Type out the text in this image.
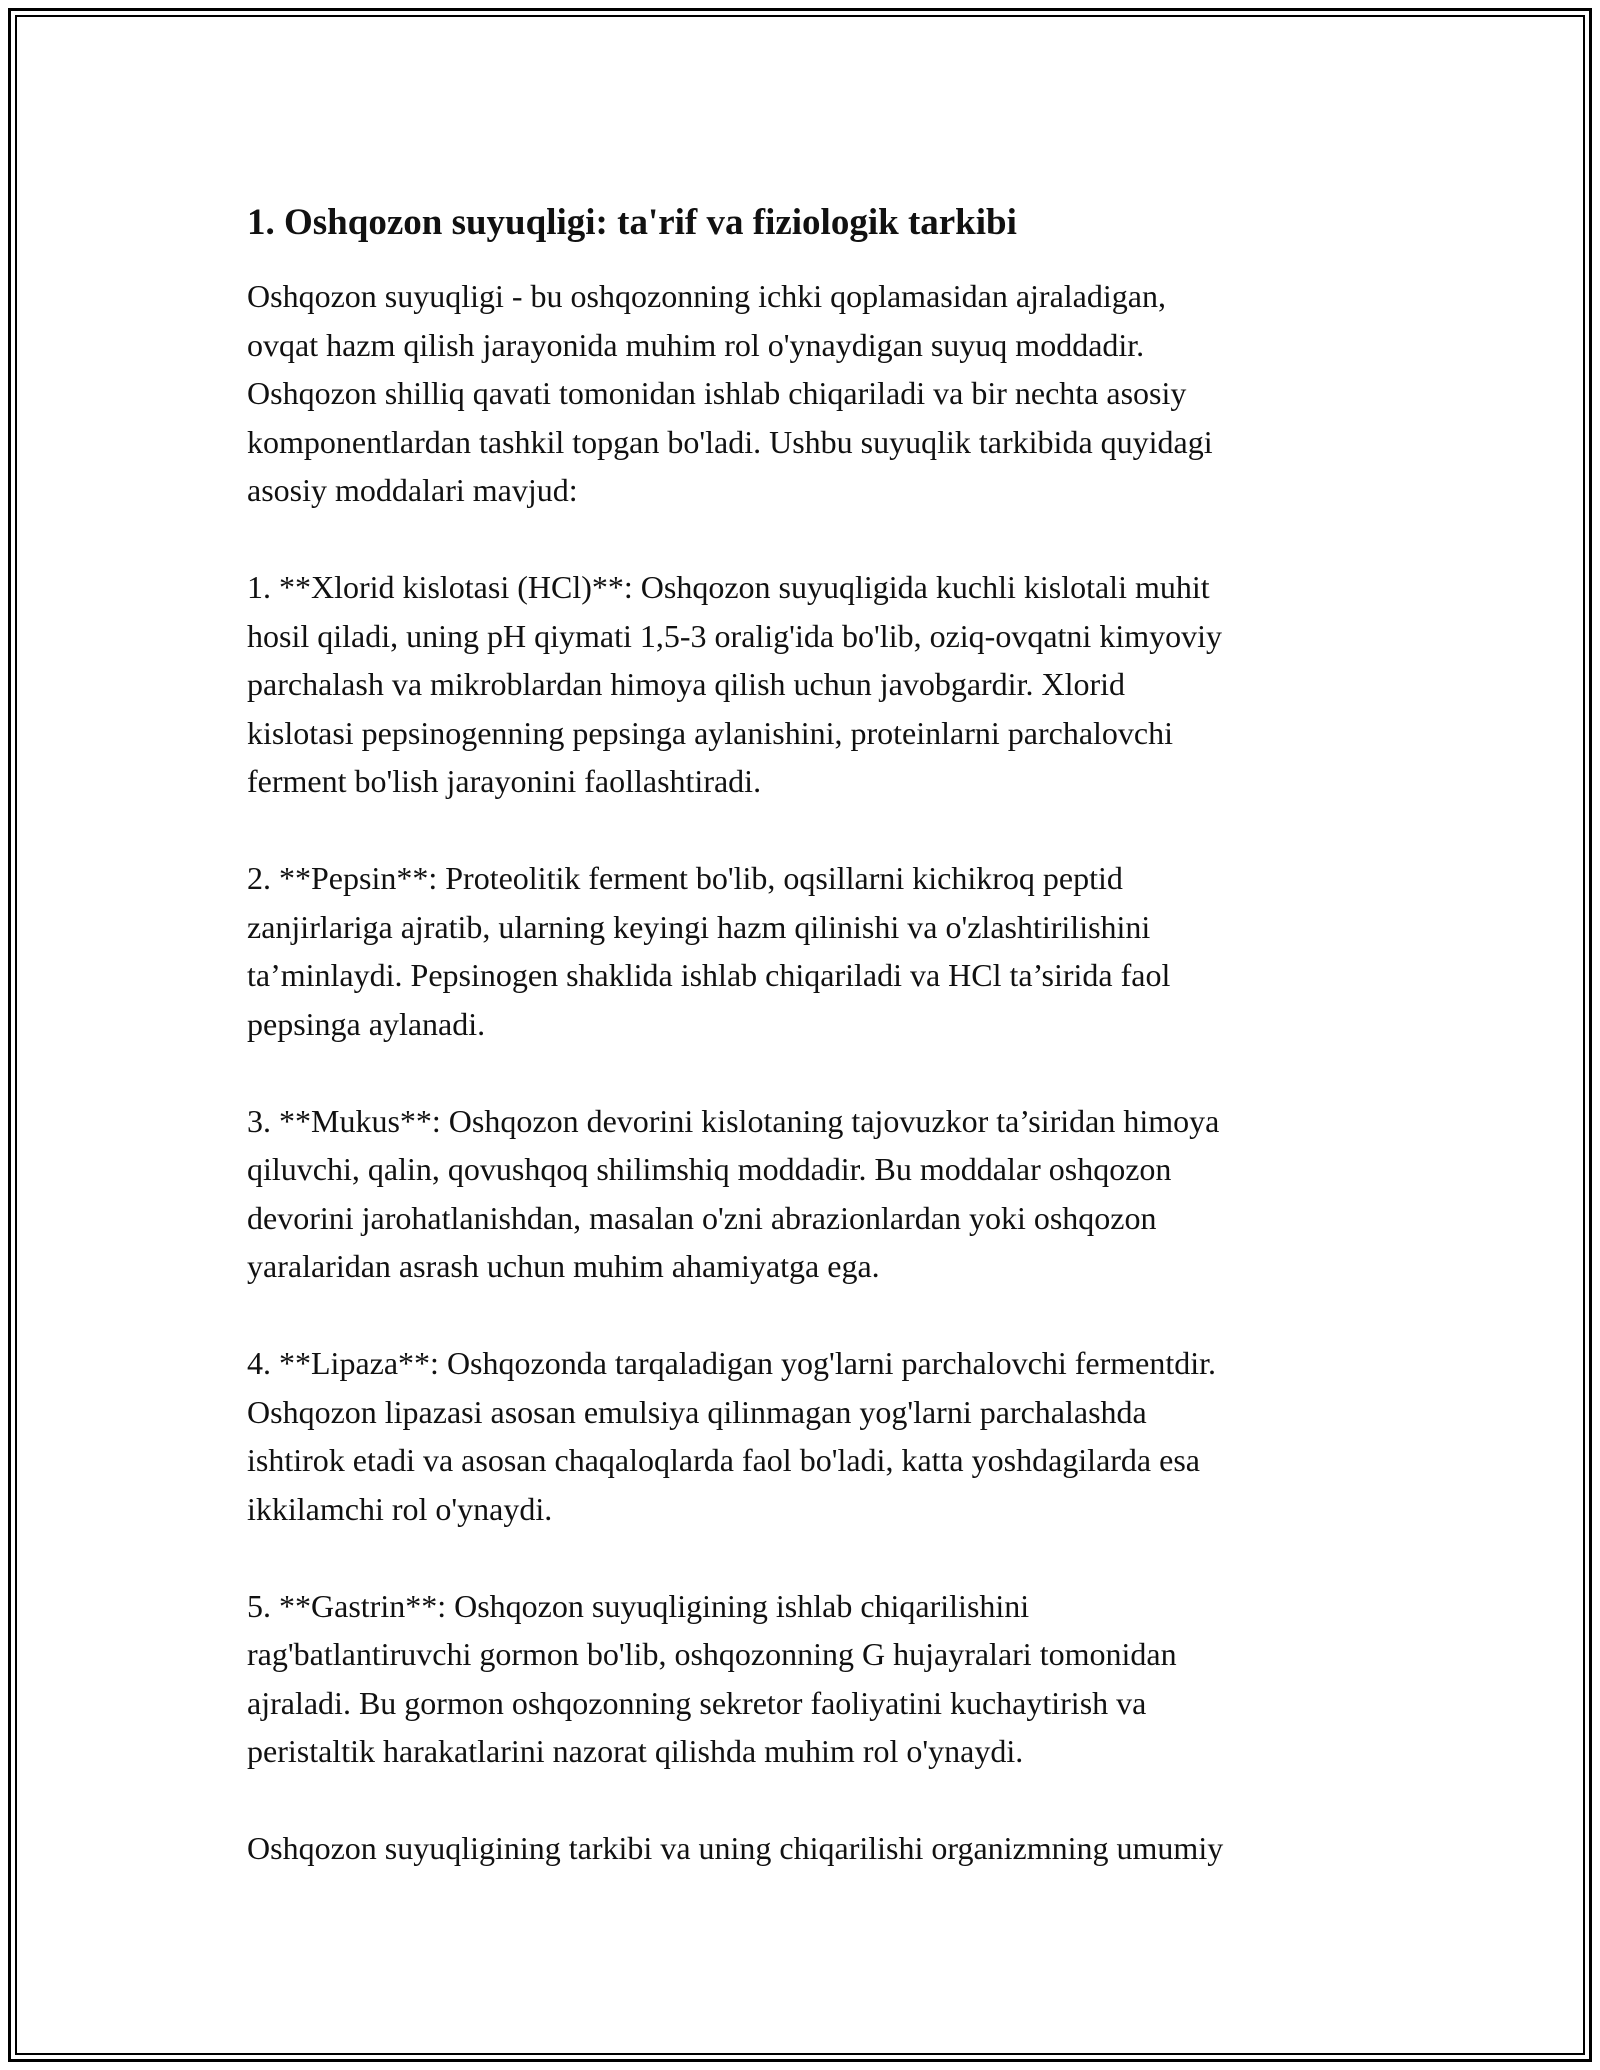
1. Oshqozon suyuqligi: ta'rif va fiziologik tarkibi
Oshqozon suyuqligi - bu oshqozonning ichki qoplamasidan ajraladigan,
ovqat hazm qilish jarayonida muhim rol o'ynaydigan suyuq moddadir.
Oshqozon shilliq qavati tomonidan ishlab chiqariladi va bir nechta asosiy
komponentlardan tashkil topgan bo'ladi. Ushbu suyuqlik tarkibida quyidagi
asosiy moddalari mavjud:
1. **Xlorid kislotasi (HCl)**: Oshqozon suyuqligida kuchli kislotali muhit
hosil qiladi, uning pH qiymati 1,5-3 oralig'ida bo'lib, oziq-ovqatni kimyoviy
parchalash va mikroblardan himoya qilish uchun javobgardir. Xlorid
kislotasi pepsinogenning pepsinga aylanishini, proteinlarni parchalovchi
ferment bo'lish jarayonini faollashtiradi.
2. **Pepsin**: Proteolitik ferment bo'lib, oqsillarni kichikroq peptid
zanjirlariga ajratib, ularning keyingi hazm qilinishi va o'zlashtirilishini
ta’minlaydi. Pepsinogen shaklida ishlab chiqariladi va HCl ta’sirida faol
pepsinga aylanadi.
3. **Mukus**: Oshqozon devorini kislotaning tajovuzkor ta’siridan himoya
qiluvchi, qalin, qovushqoq shilimshiq moddadir. Bu moddalar oshqozon
devorini jarohatlanishdan, masalan o'zni abrazionlardan yoki oshqozon
yaralaridan asrash uchun muhim ahamiyatga ega.
4. **Lipaza**: Oshqozonda tarqaladigan yog'larni parchalovchi fermentdir.
Oshqozon lipazasi asosan emulsiya qilinmagan yog'larni parchalashda
ishtirok etadi va asosan chaqaloqlarda faol bo'ladi, katta yoshdagilarda esa
ikkilamchi rol o'ynaydi.
5. **Gastrin**: Oshqozon suyuqligining ishlab chiqarilishini
rag'batlantiruvchi gormon bo'lib, oshqozonning G hujayralari tomonidan
ajraladi. Bu gormon oshqozonning sekretor faoliyatini kuchaytirish va
peristaltik harakatlarini nazorat qilishda muhim rol o'ynaydi.
Oshqozon suyuqligining tarkibi va uning chiqarilishi organizmning umumiy
